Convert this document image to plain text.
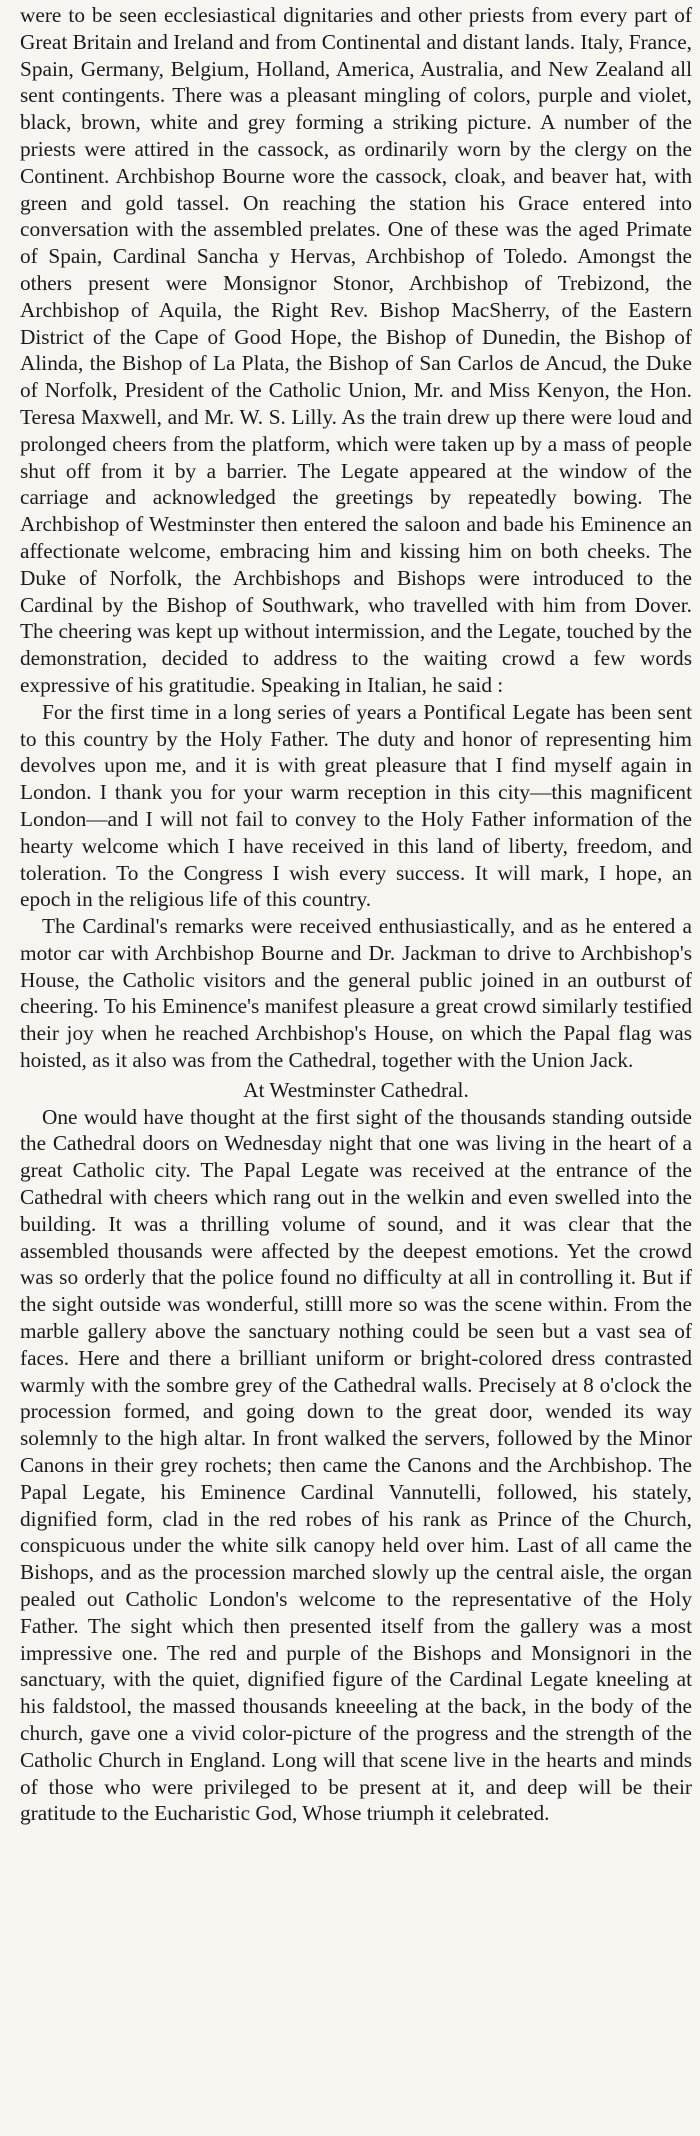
were to be seen ecclesiastical dignitaries and other priests from every part of Great Britain and Ireland and from Continental and distant lands. Italy, France, Spain, Germany, Belgium, Holland, America, Australia, and New Zealand all sent contingents. There was a pleasant mingling of colors, purple and violet, black, brown, white and grey forming a striking picture. A number of the priests were attired in the cassock, as ordinarily worn by the clergy on the Continent. Archbishop Bourne wore the cassock, cloak, and beaver hat, with green and gold tassel. On reaching the station his Grace entered into conversation with the assembled prelates. One of these was the aged Primate of Spain, Cardinal Sancha y Hervas, Archbishop of Toledo. Amongst the others present were Monsignor Stonor, Archbishop of Trebizond, the Archbishop of Aquila, the Right Rev. Bishop MacSherry, of the Eastern District of the Cape of Good Hope, the Bishop of Dunedin, the Bishop of Alinda, the Bishop of La Plata, the Bishop of San Carlos de Ancud, the Duke of Norfolk, President of the Catholic Union, Mr. and Miss Kenyon, the Hon. Teresa Maxwell, and Mr. W. S. Lilly. As the train drew up there were loud and prolonged cheers from the platform, which were taken up by a mass of people shut off from it by a barrier. The Legate appeared at the window of the carriage and acknowledged the greetings by repeatedly bowing. The Archbishop of Westminster then entered the saloon and bade his Eminence an affectionate welcome, embracing him and kissing him on both cheeks. The Duke of Norfolk, the Archbishops and Bishops were introduced to the Cardinal by the Bishop of Southwark, who travelled with him from Dover. The cheering was kept up without intermission, and the Legate, touched by the demonstration, decided to address to the waiting crowd a few words expressive of his gratitudie. Speaking in Italian, he said :

For the first time in a long series of years a Pontifical Legate has been sent to this country by the Holy Father. The duty and honor of representing him devolves upon me, and it is with great pleasure that I find myself again in London. I thank you for your warm reception in this city—this magnificent London—and I will not fail to convey to the Holy Father information of the hearty welcome which I have received in this land of liberty, freedom, and toleration. To the Congress I wish every success. It will mark, I hope, an epoch in the religious life of this country.

The Cardinal's remarks were received enthusiastically, and as he entered a motor car with Archbishop Bourne and Dr. Jackman to drive to Archbishop's House, the Catholic visitors and the general public joined in an outburst of cheering. To his Eminence's manifest pleasure a great crowd similarly testified their joy when he reached Archbishop's House, on which the Papal flag was hoisted, as it also was from the Cathedral, together with the Union Jack.

At Westminster Cathedral.

One would have thought at the first sight of the thousands standing outside the Cathedral doors on Wednesday night that one was living in the heart of a great Catholic city. The Papal Legate was received at the entrance of the Cathedral with cheers which rang out in the welkin and even swelled into the building. It was a thrilling volume of sound, and it was clear that the assembled thousands were affected by the deepest emotions. Yet the crowd was so orderly that the police found no difficulty at all in controlling it. But if the sight outside was wonderful, stilll more so was the scene within. From the marble gallery above the sanctuary nothing could be seen but a vast sea of faces. Here and there a brilliant uniform or bright-colored dress contrasted warmly with the sombre grey of the Cathedral walls. Precisely at 8 o'clock the procession formed, and going down to the great door, wended its way solemnly to the high altar. In front walked the servers, followed by the Minor Canons in their grey rochets; then came the Canons and the Archbishop. The Papal Legate, his Eminence Cardinal Vannutelli, followed, his stately, dignified form, clad in the red robes of his rank as Prince of the Church, conspicuous under the white silk canopy held over him. Last of all came the Bishops, and as the procession marched slowly up the central aisle, the organ pealed out Catholic London's welcome to the representative of the Holy Father. The sight which then presented itself from the gallery was a most impressive one. The red and purple of the Bishops and Monsignori in the sanctuary, with the quiet, dignified figure of the Cardinal Legate kneeling at his faldstool, the massed thousands kneeeling at the back, in the body of the church, gave one a vivid color-picture of the progress and the strength of the Catholic Church in England. Long will that scene live in the hearts and minds of those who were privileged to be present at it, and deep will be their gratitude to the Eucharistic God, Whose triumph it celebrated.
